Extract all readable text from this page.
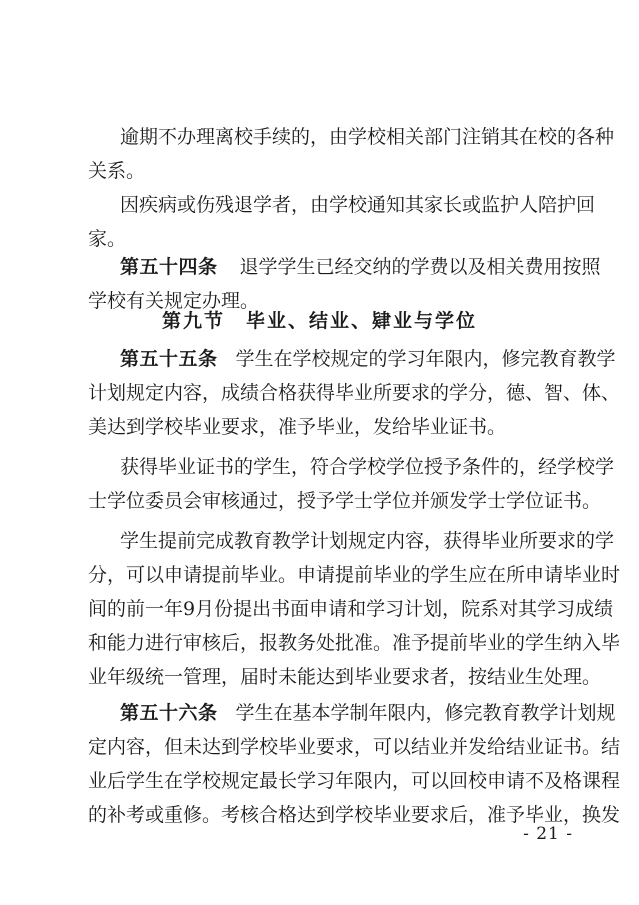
逾期不办理离校手续的，由学校相关部门注销其在校的各种
关系。
因疾病或伤残退学者，由学校通知其家长或监护人陪护回
家。
第五十四条 退学学生已经交纳的学费以及相关费用按照
学校有关规定办理。
第九节　毕业、结业、肄业与学位
第五十五条 学生在学校规定的学习年限内，修完教育教学
计划规定内容，成绩合格获得毕业所要求的学分，德、智、体、
美达到学校毕业要求，准予毕业，发给毕业证书。
获得毕业证书的学生，符合学校学位授予条件的，经学校学
士学位委员会审核通过，授予学士学位并颁发学士学位证书。
学生提前完成教育教学计划规定内容，获得毕业所要求的学
分，可以申请提前毕业。申请提前毕业的学生应在所申请毕业时
间的前一年9月份提出书面申请和学习计划，院系对其学习成绩
和能力进行审核后，报教务处批准。准予提前毕业的学生纳入毕
业年级统一管理，届时未能达到毕业要求者，按结业生处理。
第五十六条 学生在基本学制年限内，修完教育教学计划规
定内容，但未达到学校毕业要求，可以结业并发给结业证书。结
业后学生在学校规定最长学习年限内，可以回校申请不及格课程
的补考或重修。考核合格达到学校毕业要求后，准予毕业，换发
- 21 -
